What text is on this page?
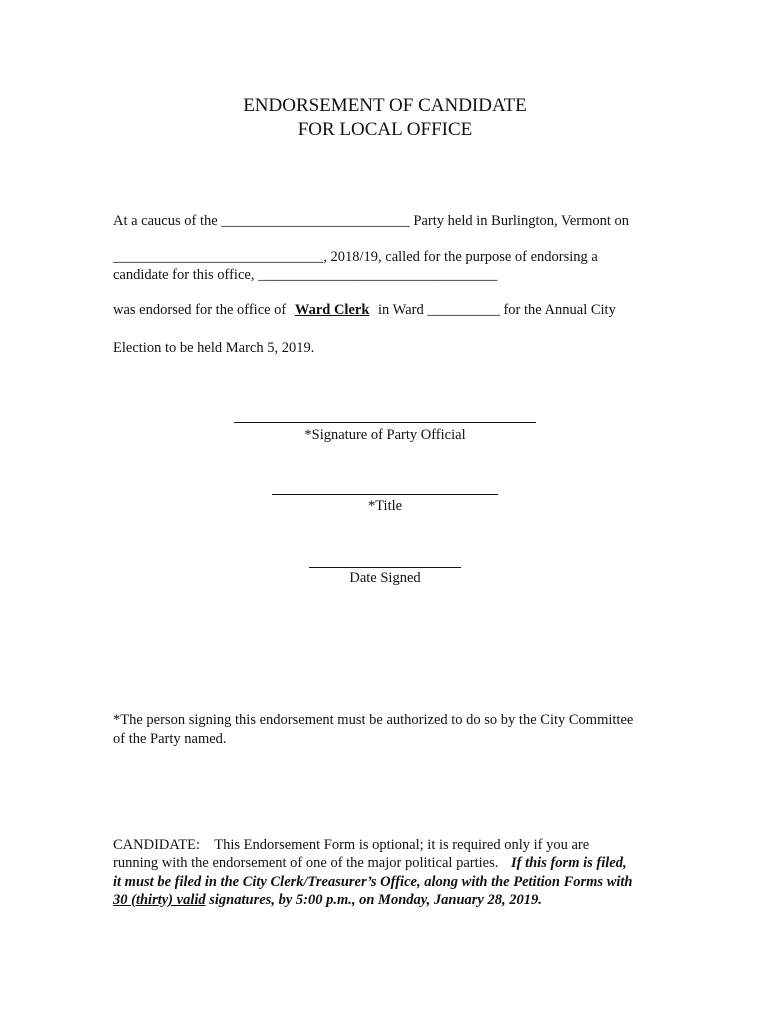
ENDORSEMENT OF CANDIDATE
FOR LOCAL OFFICE
At a caucus of the __________________________ Party held in Burlington, Vermont on
_____________________________, 2018/19, called for the purpose of endorsing a
candidate for this office, _________________________________
was endorsed for the office of Ward Clerk in Ward __________ for the Annual City
Election to be held March 5, 2019.
*Signature of Party Official
*Title
Date Signed
*The person signing this endorsement must be authorized to do so by the City Committee
of the Party named.
CANDIDATE:    This Endorsement Form is optional; it is required only if you are
running with the endorsement of one of the major political parties. If this form is filed,
it must be filed in the City Clerk/Treasurer’s Office, along with the Petition Forms with
30 (thirty) valid signatures, by 5:00 p.m., on Monday, January 28, 2019.
